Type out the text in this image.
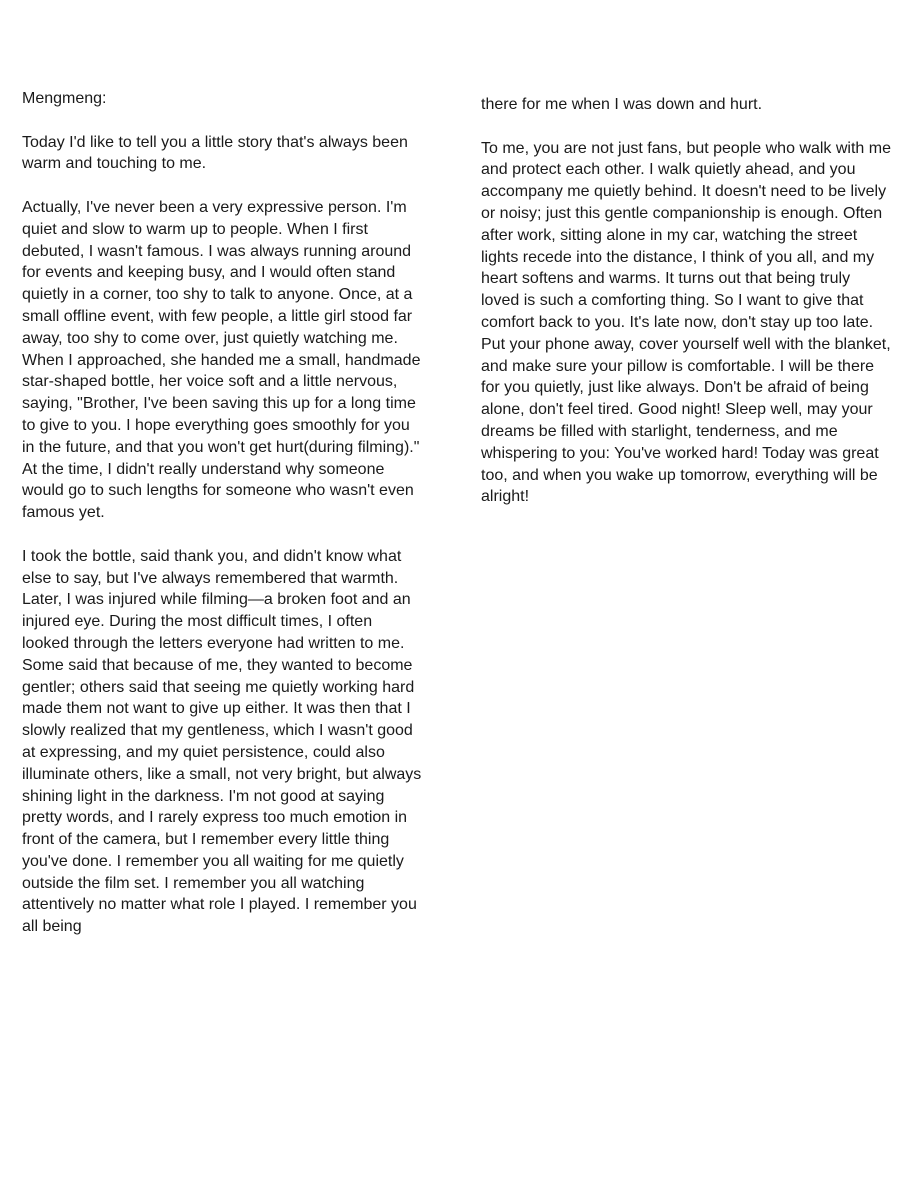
Mengmeng:

Today I'd like to tell you a little story that's always been warm and touching to me.

Actually, I've never been a very expressive person. I'm quiet and slow to warm up to people. When I first debuted, I wasn't famous. I was always running around for events and keeping busy, and I would often stand quietly in a corner, too shy to talk to anyone. Once, at a small offline event, with few people, a little girl stood far away, too shy to come over, just quietly watching me. When I approached, she handed me a small, handmade star-shaped bottle, her voice soft and a little nervous, saying, "Brother, I've been saving this up for a long time to give to you. I hope everything goes smoothly for you in the future, and that you won't get hurt(during filming)." At the time, I didn't really understand why someone would go to such lengths for someone who wasn't even famous yet.

I took the bottle, said thank you, and didn't know what else to say, but I've always remembered that warmth. Later, I was injured while filming—a broken foot and an injured eye. During the most difficult times, I often looked through the letters everyone had written to me. Some said that because of me, they wanted to become gentler; others said that seeing me quietly working hard made them not want to give up either. It was then that I slowly realized that my gentleness, which I wasn't good at expressing, and my quiet persistence, could also illuminate others, like a small, not very bright, but always shining light in the darkness. I'm not good at saying pretty words, and I rarely express too much emotion in front of the camera, but I remember every little thing you've done. I remember you all waiting for me quietly outside the film set. I remember you all watching attentively no matter what role I played. I remember you all being

there for me when I was down and hurt.

To me, you are not just fans, but people who walk with me and protect each other. I walk quietly ahead, and you accompany me quietly behind. It doesn't need to be lively or noisy; just this gentle companionship is enough. Often after work, sitting alone in my car, watching the street lights recede into the distance, I think of you all, and my heart softens and warms. It turns out that being truly loved is such a comforting thing. So I want to give that comfort back to you. It's late now, don't stay up too late. Put your phone away, cover yourself well with the blanket, and make sure your pillow is comfortable. I will be there for you quietly, just like always. Don't be afraid of being alone, don't feel tired. Good night! Sleep well, may your dreams be filled with starlight, tenderness, and me whispering to you: You've worked hard! Today was great too, and when you wake up tomorrow, everything will be alright!
